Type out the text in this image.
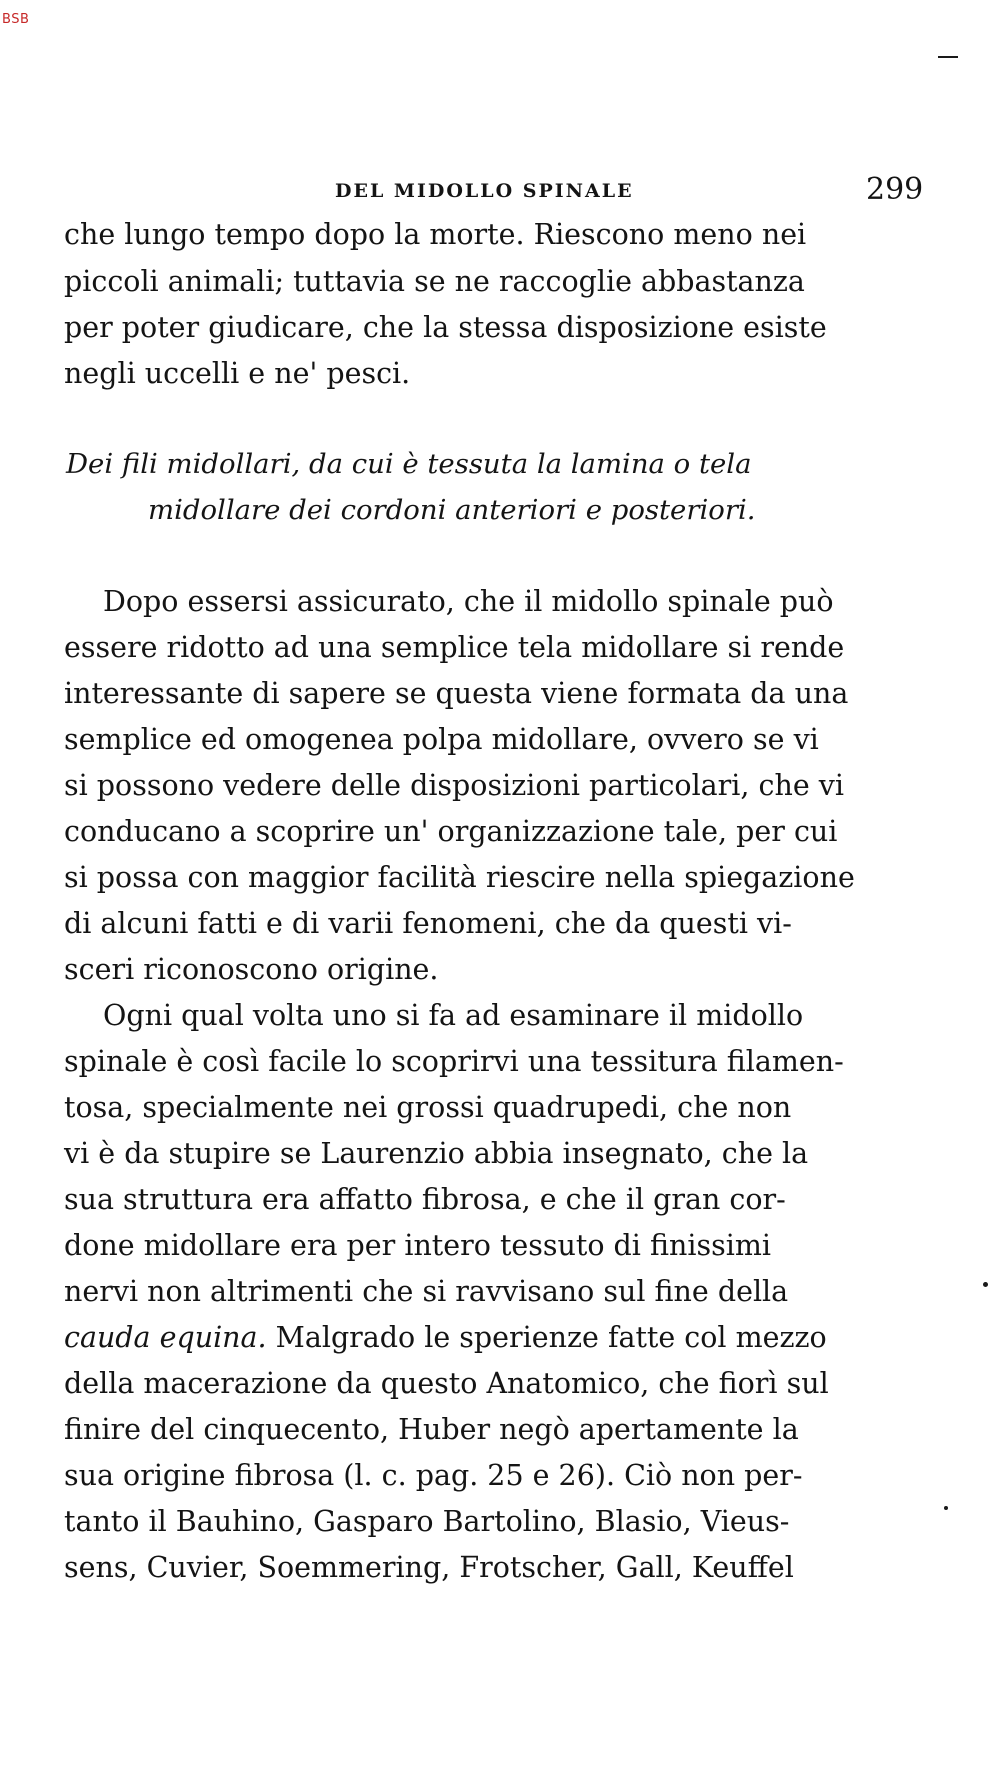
BSB
DEL MIDOLLO SPINALE	299
che lungo tempo dopo la morte. Riescono meno nei
piccoli animali; tuttavia se ne raccoglie abbastanza
per poter giudicare, che la stessa disposizione esiste
negli uccelli e ne' pesci.
Dei fili midollari, da cui è tessuta la lamina o tela
midollare dei cordoni anteriori e posteriori.
Dopo essersi assicurato, che il midollo spinale può
essere ridotto ad una semplice tela midollare si rende
interessante di sapere se questa viene formata da una
semplice ed omogenea polpa midollare, ovvero se vi
si possono vedere delle disposizioni particolari, che vi
conducano a scoprire un' organizzazione tale, per cui
si possa con maggior facilità riescire nella spiegazione
di alcuni fatti e di varii fenomeni, che da questi vi-
sceri riconoscono origine.
Ogni qual volta uno si fa ad esaminare il midollo
spinale è così facile lo scoprirvi una tessitura filamen-
tosa, specialmente nei grossi quadrupedi, che non
vi è da stupire se Laurenzio abbia insegnato, che la
sua struttura era affatto fibrosa, e che il gran cor-
done midollare era per intero tessuto di finissimi
nervi non altrimenti che si ravvisano sul fine della
cauda equina. Malgrado le sperienze fatte col mezzo
della macerazione da questo Anatomico, che fiorì sul
finire del cinquecento, Huber negò apertamente la
sua origine fibrosa (l. c. pag. 25 e 26). Ciò non per-
tanto il Bauhino, Gasparo Bartolino, Blasio, Vieus-
sens, Cuvier, Soemmering, Frotscher, Gall, Keuffel
